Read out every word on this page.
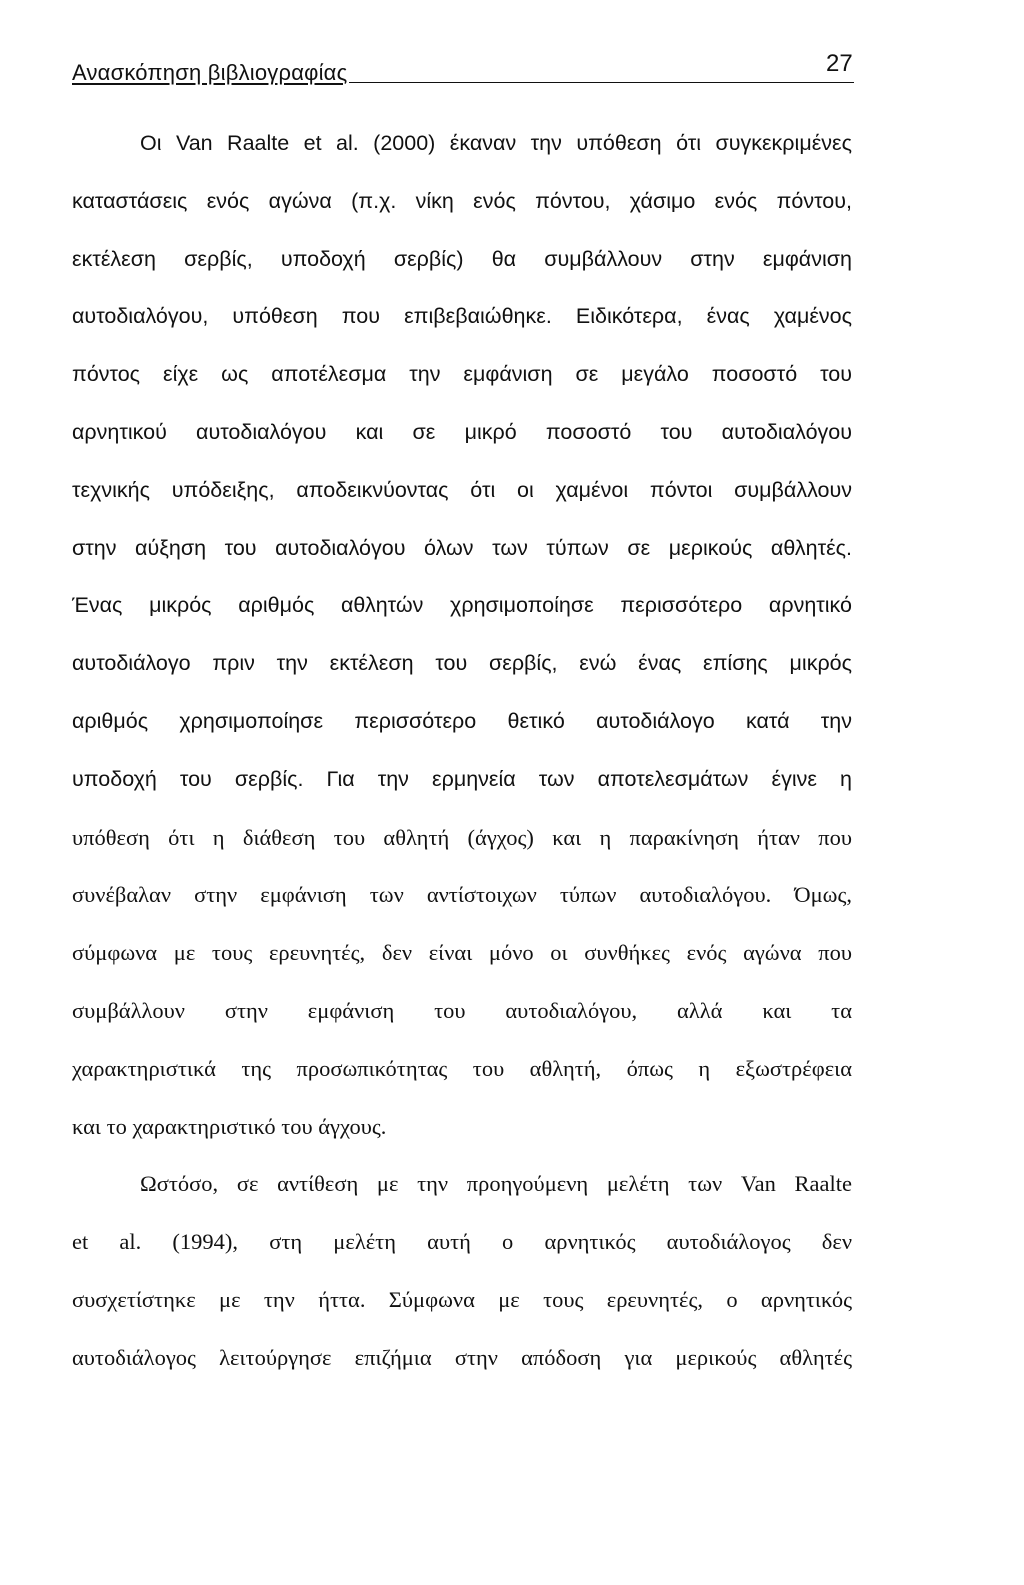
Ανασκόπηση βιβλιογραφίας	27
Οι Van Raalte et al. (2000) έκαναν την υπόθεση ότι συγκεκριμένες
καταστάσεις ενός αγώνα (π.χ. νίκη ενός πόντου, χάσιμο ενός πόντου,
εκτέλεση σερβίς, υποδοχή σερβίς) θα συμβάλλουν στην εμφάνιση
αυτοδιαλόγου, υπόθεση που επιβεβαιώθηκε. Ειδικότερα, ένας χαμένος
πόντος είχε ως αποτέλεσμα την εμφάνιση σε μεγάλο ποσοστό του
αρνητικού αυτοδιαλόγου και σε μικρό ποσοστό του αυτοδιαλόγου
τεχνικής υπόδειξης, αποδεικνύοντας ότι οι χαμένοι πόντοι συμβάλλουν
στην αύξηση του αυτοδιαλόγου όλων των τύπων σε μερικούς αθλητές.
Ένας μικρός αριθμός αθλητών χρησιμοποίησε περισσότερο αρνητικό
αυτοδιάλογο πριν την εκτέλεση του σερβίς, ενώ ένας επίσης μικρός
αριθμός χρησιμοποίησε περισσότερο θετικό αυτοδιάλογο κατά την
υποδοχή του σερβίς. Για την ερμηνεία των αποτελεσμάτων έγινε η
υπόθεση ότι η διάθεση του αθλητή (άγχος) και η παρακίνηση ήταν που
συνέβαλαν στην εμφάνιση των αντίστοιχων τύπων αυτοδιαλόγου. Όμως,
σύμφωνα με τους ερευνητές, δεν είναι μόνο οι συνθήκες ενός αγώνα που
συμβάλλουν στην εμφάνιση του αυτοδιαλόγου, αλλά και τα
χαρακτηριστικά της προσωπικότητας του αθλητή, όπως η εξωστρέφεια
και το χαρακτηριστικό του άγχους.
Ωστόσο, σε αντίθεση με την προηγούμενη μελέτη των Van Raalte
et al. (1994), στη μελέτη αυτή ο αρνητικός αυτοδιάλογος δεν
συσχετίστηκε με την ήττα. Σύμφωνα με τους ερευνητές, ο αρνητικός
αυτοδιάλογος λειτούργησε επιζήμια στην απόδοση για μερικούς αθλητές
